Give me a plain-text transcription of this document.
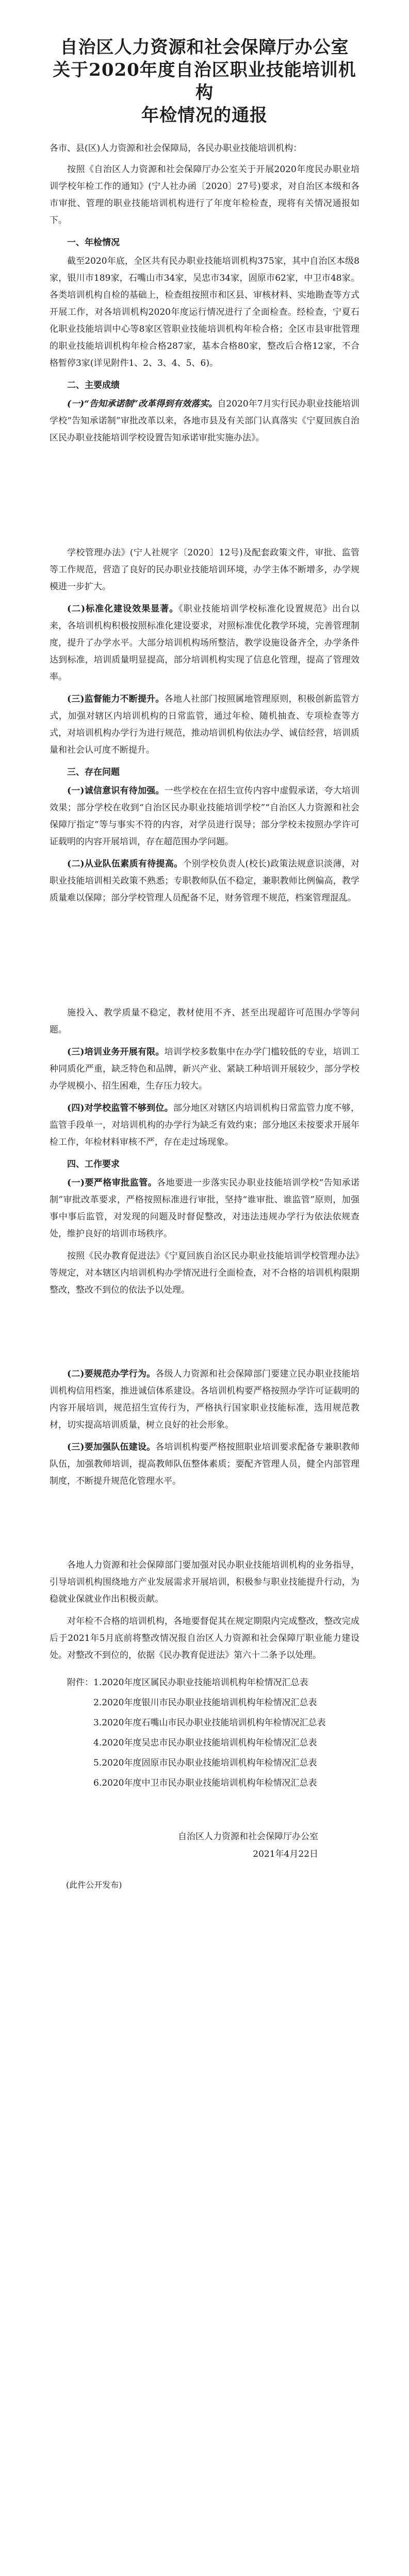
自治区人力资源和社会保障厅办公室
关于2020年度自治区职业技能培训机构
年检情况的通报

各市、县(区)人力资源和社会保障局，各民办职业技能培训机构：

按照《自治区人力资源和社会保障厅办公室关于开展2020年度民办职业培训学校年检工作的通知》(宁人社办函〔2020〕27号)要求，对自治区本级和各市审批、管理的职业技能培训机构进行了年度年检检查，现将有关情况通报如下。

一、年检情况

截至2020年底，全区共有民办职业技能培训机构375家，其中自治区本级8家，银川市189家，石嘴山市34家，吴忠市34家，固原市62家，中卫市48家。各类培训机构自检的基础上，检查组按照市和区县、审核材料、实地勘查等方式开展工作，对各培训机构2020年度运行情况进行了全面检查。经检查，宁夏石化职业技能培训中心等8家区管职业技能培训机构年检合格；全区市县审批管理的职业技能培训机构年检合格287家，基本合格80家，整改后合格12家，不合格暂停3家(详见附件1、2、3、4、5、6)。

二、主要成绩

(一)“告知承诺制”改革得到有效落实。自2020年7月实行民办职业技能培训学校“告知承诺制”审批改革以来，各地市县及有关部门认真落实《宁夏回族自治区民办职业技能培训学校设置告知承诺审批实施办法》。

学校管理办法》(宁人社规字〔2020〕12号)及配套政策文件，审批、监管等工作规范，营造了良好的民办职业技能培训环境，办学主体不断增多，办学规模进一步扩大。

(二)标准化建设效果显著。《职业技能培训学校标准化设置规范》出台以来，各培训机构积极按照标准化建设要求，对照标准优化教学环境，完善管理制度，提升了办学水平。大部分培训机构场所整洁，教学设施设备齐全，办学条件达到标准，培训质量明显提高，部分培训机构实现了信息化管理，提高了管理效率。

(三)监督能力不断提升。各地人社部门按照属地管理原则，积极创新监管方式，加强对辖区内培训机构的日常监管，通过年检、随机抽查、专项检查等方式，对培训机构办学行为进行规范，推动培训机构依法办学、诚信经营，培训质量和社会认可度不断提升。

三、存在问题

(一)诚信意识有待加强。一些学校在在招生宣传内容中虚假承诺，夸大培训效果；部分学校在收到“自治区民办职业技能培训学校”“自治区人力资源和社会保障厅指定”等与事实不符的内容，对学员进行误导；部分学校未按照办学许可证载明的内容开展培训，存在超范围办学问题。

(二)从业队伍素质有待提高。个别学校负责人(校长)政策法规意识淡薄，对职业技能培训相关政策不熟悉；专职教师队伍不稳定，兼职教师比例偏高，教学质量难以保障；部分学校管理人员配备不足，财务管理不规范，档案管理混乱。

施投入、教学质量不稳定，教材使用不齐、甚至出现超许可范围办学等问题。

(三)培训业务开展有限。培训学校多数集中在办学门槛较低的专业，培训工种同质化严重，缺乏特色和品牌，新兴产业、紧缺工种培训开展较少，部分学校办学规模小、招生困难，生存压力较大。

(四)对学校监管不够到位。部分地区对辖区内培训机构日常监管力度不够，监管手段单一，对培训机构的办学行为缺乏有效约束；部分地区未按要求开展年检工作，年检材料审核不严，存在走过场现象。

四、工作要求

(一)要严格审批监管。各地要进一步落实民办职业技能培训学校“告知承诺制”审批改革要求，严格按照标准进行审批，坚持“谁审批、谁监管”原则，加强事中事后监管，对发现的问题及时督促整改，对违法违规办学行为依法依规查处，维护良好的培训市场秩序。

按照《民办教育促进法》《宁夏回族自治区民办职业技能培训学校管理办法》等规定，对本辖区内培训机构办学情况进行全面检查，对不合格的培训机构限期整改，整改不到位的依法予以处理。

(二)要规范办学行为。各级人力资源和社会保障部门要建立民办职业技能培训机构信用档案，推进诚信体系建设。各培训机构要严格按照办学许可证载明的内容开展培训，规范招生宣传行为，严格执行国家职业技能标准，选用规范教材，切实提高培训质量，树立良好的社会形象。

(三)要加强队伍建设。各培训机构要严格按照职业培训要求配备专兼职教师队伍，加强教师培训，提高教师队伍整体素质；要配齐管理人员，健全内部管理制度，不断提升规范化管理水平。

各地人力资源和社会保障部门要加强对民办职业技能培训机构的业务指导，引导培训机构围绕地方产业发展需求开展培训，积极参与职业技能提升行动，为稳就业保就业作出积极贡献。

对年检不合格的培训机构，各地要督促其在规定期限内完成整改，整改完成后于2021年5月底前将整改情况报自治区人力资源和社会保障厅职业能力建设处。对整改不到位的，依据《民办教育促进法》第六十二条予以处理。

附件：1.2020年度区属民办职业技能培训机构年检情况汇总表

2.2020年度银川市民办职业技能培训机构年检情况汇总表

3.2020年度石嘴山市民办职业技能培训机构年检情况汇总表

4.2020年度吴忠市民办职业技能培训机构年检情况汇总表

5.2020年度固原市民办职业技能培训机构年检情况汇总表

6.2020年度中卫市民办职业技能培训机构年检情况汇总表

自治区人力资源和社会保障厅办公室
2021年4月22日
(此件公开发布)
